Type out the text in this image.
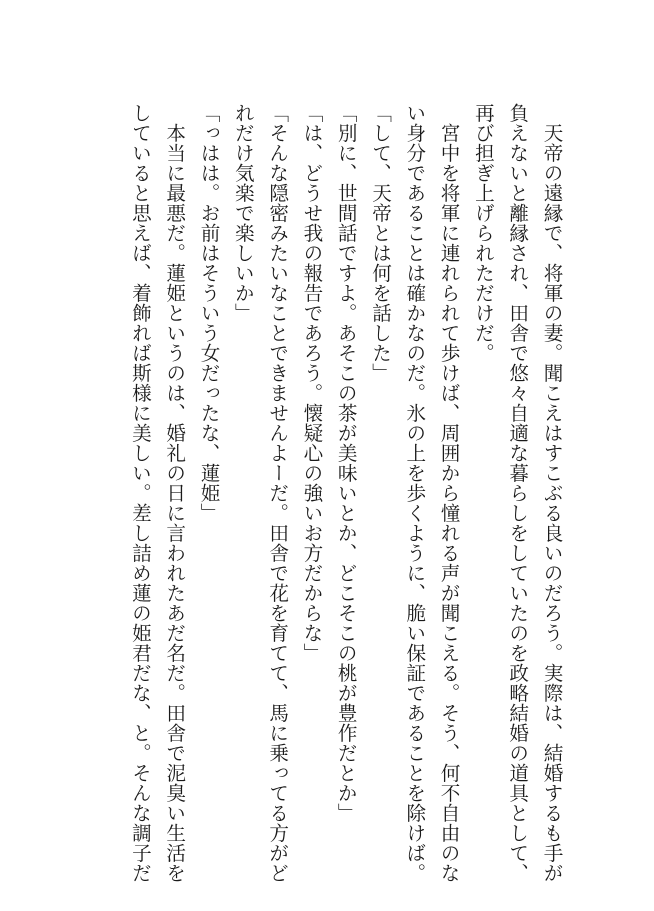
　天帝の遠縁で、将軍の妻。聞こえはすこぶる良いのだろう。実際は、結婚するも手が

負えないと離縁され、田舎で悠々自適な暮らしをしていたのを政略結婚の道具として、

再び担ぎ上げられただけだ。

　宮中を将軍に連れられて歩けば、周囲から憧れる声が聞こえる。そう、何不自由のな

い身分であることは確かなのだ。氷の上を歩くように、脆い保証であることを除けば。

「して、天帝とは何を話した」

「別に、世間話ですよ。あそこの茶が美味いとか、どこそこの桃が豊作だとか」

「は、どうせ我の報告であろう。懐疑心の強いお方だからな」

「そんな隠密みたいなことできませんよーだ。田舎で花を育てて、馬に乗ってる方がど

れだけ気楽で楽しいか」

「っはは。お前はそういう女だったな、蓮姫」

　本当に最悪だ。蓮姫というのは、婚礼の日に言われたあだ名だ。田舎で泥臭い生活を

していると思えば、着飾れば斯様に美しい。差し詰め蓮の姫君だな、と。そんな調子だ
